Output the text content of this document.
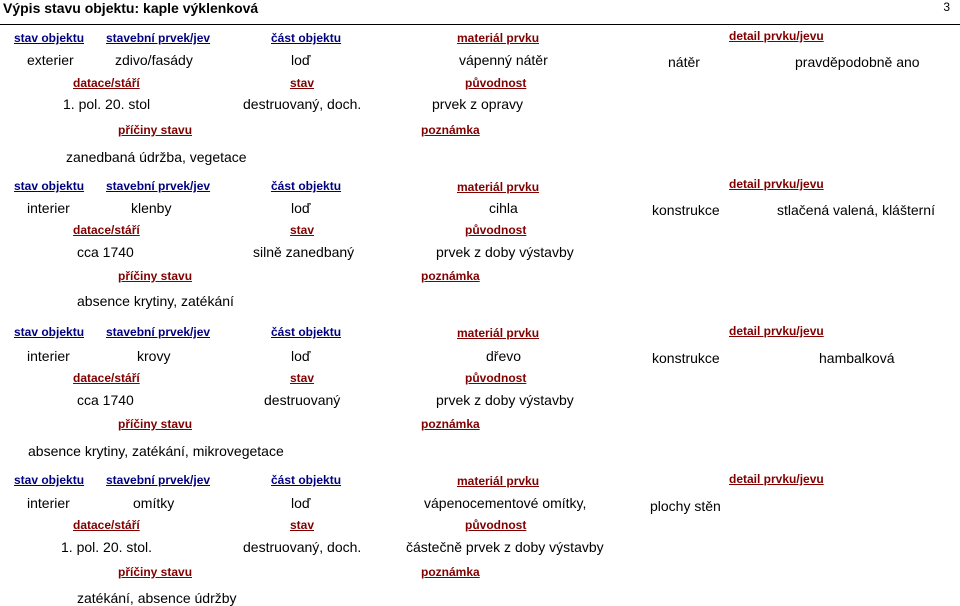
Výpis stavu objektu: kaple výklenková	3
stav objektu stavební prvek/jev	část objektu	materiál prvku	detail prvku/jevu
exterier	zdivo/fasády	loď	vápenný nátěr	nátěr	pravděpodobně ano
datace/stáří	stav	původnost
1. pol. 20. stol	destruovaný, doch.	prvek z opravy
příčiny stavu	poznámka
zanedbaná údržba, vegetace
stav objektu stavební prvek/jev	část objektu	materiál prvku	detail prvku/jevu
interier	klenby	loď	cihla	konstrukce	stlačená valená, klášterní
datace/stáří	stav	původnost
cca 1740	silně zanedbaný	prvek z doby výstavby
příčiny stavu	poznámka
absence krytiny, zatékání
stav objektu stavební prvek/jev	část objektu	materiál prvku	detail prvku/jevu
interier	krovy	loď	dřevo	konstrukce	hambalková
datace/stáří	stav	původnost
cca 1740	destruovaný	prvek z doby výstavby
příčiny stavu	poznámka
absence krytiny, zatékání, mikrovegetace
stav objektu stavební prvek/jev	část objektu	materiál prvku	detail prvku/jevu
interier	omítky	loď	vápenocementové omítky,	plochy stěn
datace/stáří	stav	původnost
1. pol. 20. stol.	destruovaný, doch.	částečně prvek z doby výstavby
příčiny stavu	poznámka
zatékání, absence údržby
